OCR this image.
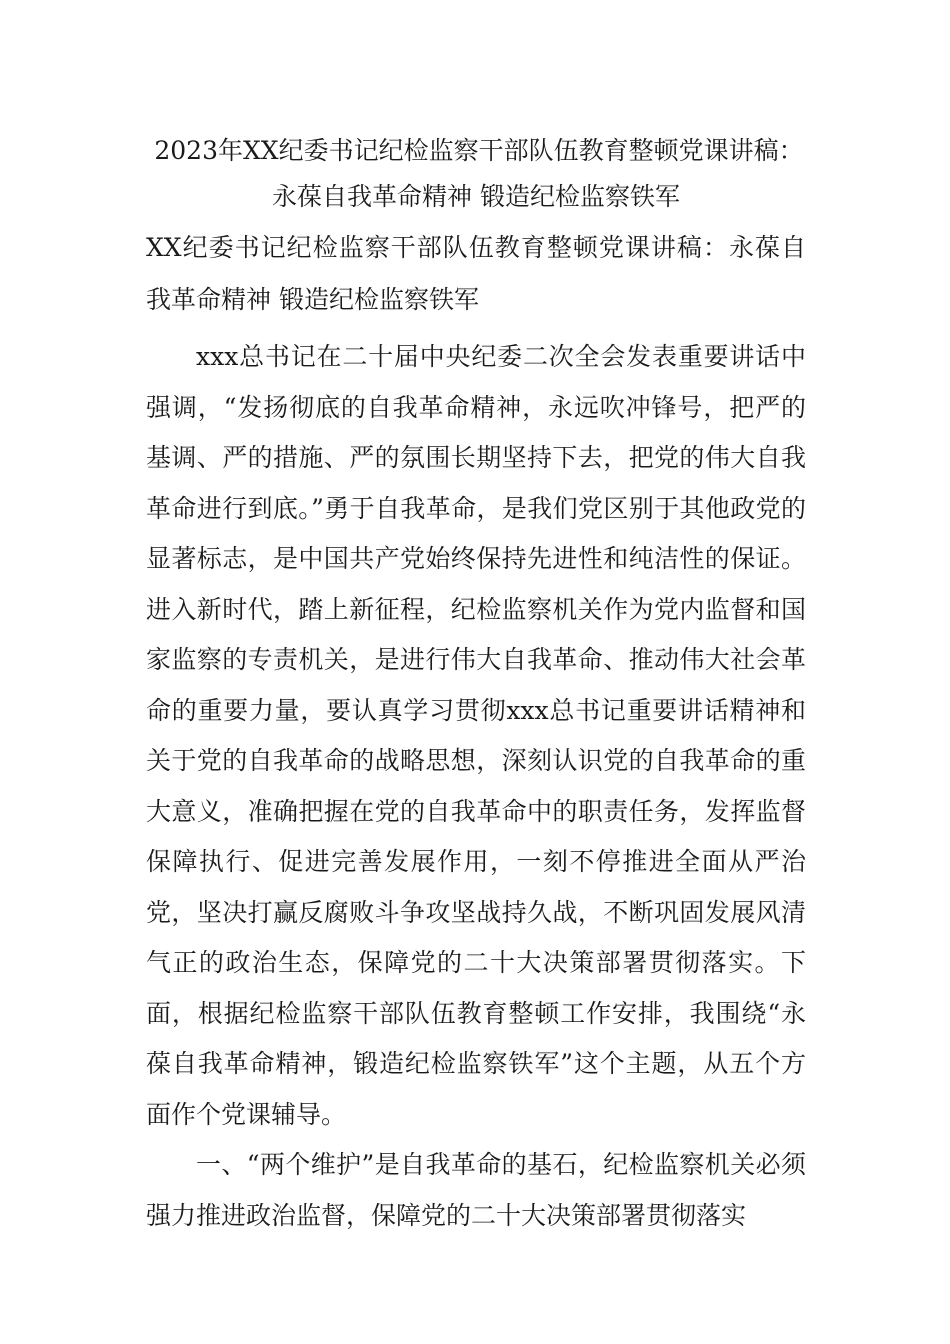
2023年XX纪委书记纪检监察干部队伍教育整顿党课讲稿：
永葆自我革命精神 锻造纪检监察铁军
XX纪委书记纪检监察干部队伍教育整顿党课讲稿：永葆自我革命精神 锻造纪检监察铁军

xxx总书记在二十届中央纪委二次全会发表重要讲话中强调，“发扬彻底的自我革命精神，永远吹冲锋号，把严的基调、严的措施、严的氛围长期坚持下去，把党的伟大自我革命进行到底。”勇于自我革命，是我们党区别于其他政党的显著标志，是中国共产党始终保持先进性和纯洁性的保证。进入新时代，踏上新征程，纪检监察机关作为党内监督和国家监察的专责机关，是进行伟大自我革命、推动伟大社会革命的重要力量，要认真学习贯彻xxx总书记重要讲话精神和关于党的自我革命的战略思想，深刻认识党的自我革命的重大意义，准确把握在党的自我革命中的职责任务，发挥监督保障执行、促进完善发展作用，一刻不停推进全面从严治党，坚决打赢反腐败斗争攻坚战持久战，不断巩固发展风清气正的政治生态，保障党的二十大决策部署贯彻落实。下面，根据纪检监察干部队伍教育整顿工作安排，我围绕“永葆自我革命精神，锻造纪检监察铁军”这个主题，从五个方面作个党课辅导。

一、“两个维护”是自我革命的基石，纪检监察机关必须强力推进政治监督，保障党的二十大决策部署贯彻落实
